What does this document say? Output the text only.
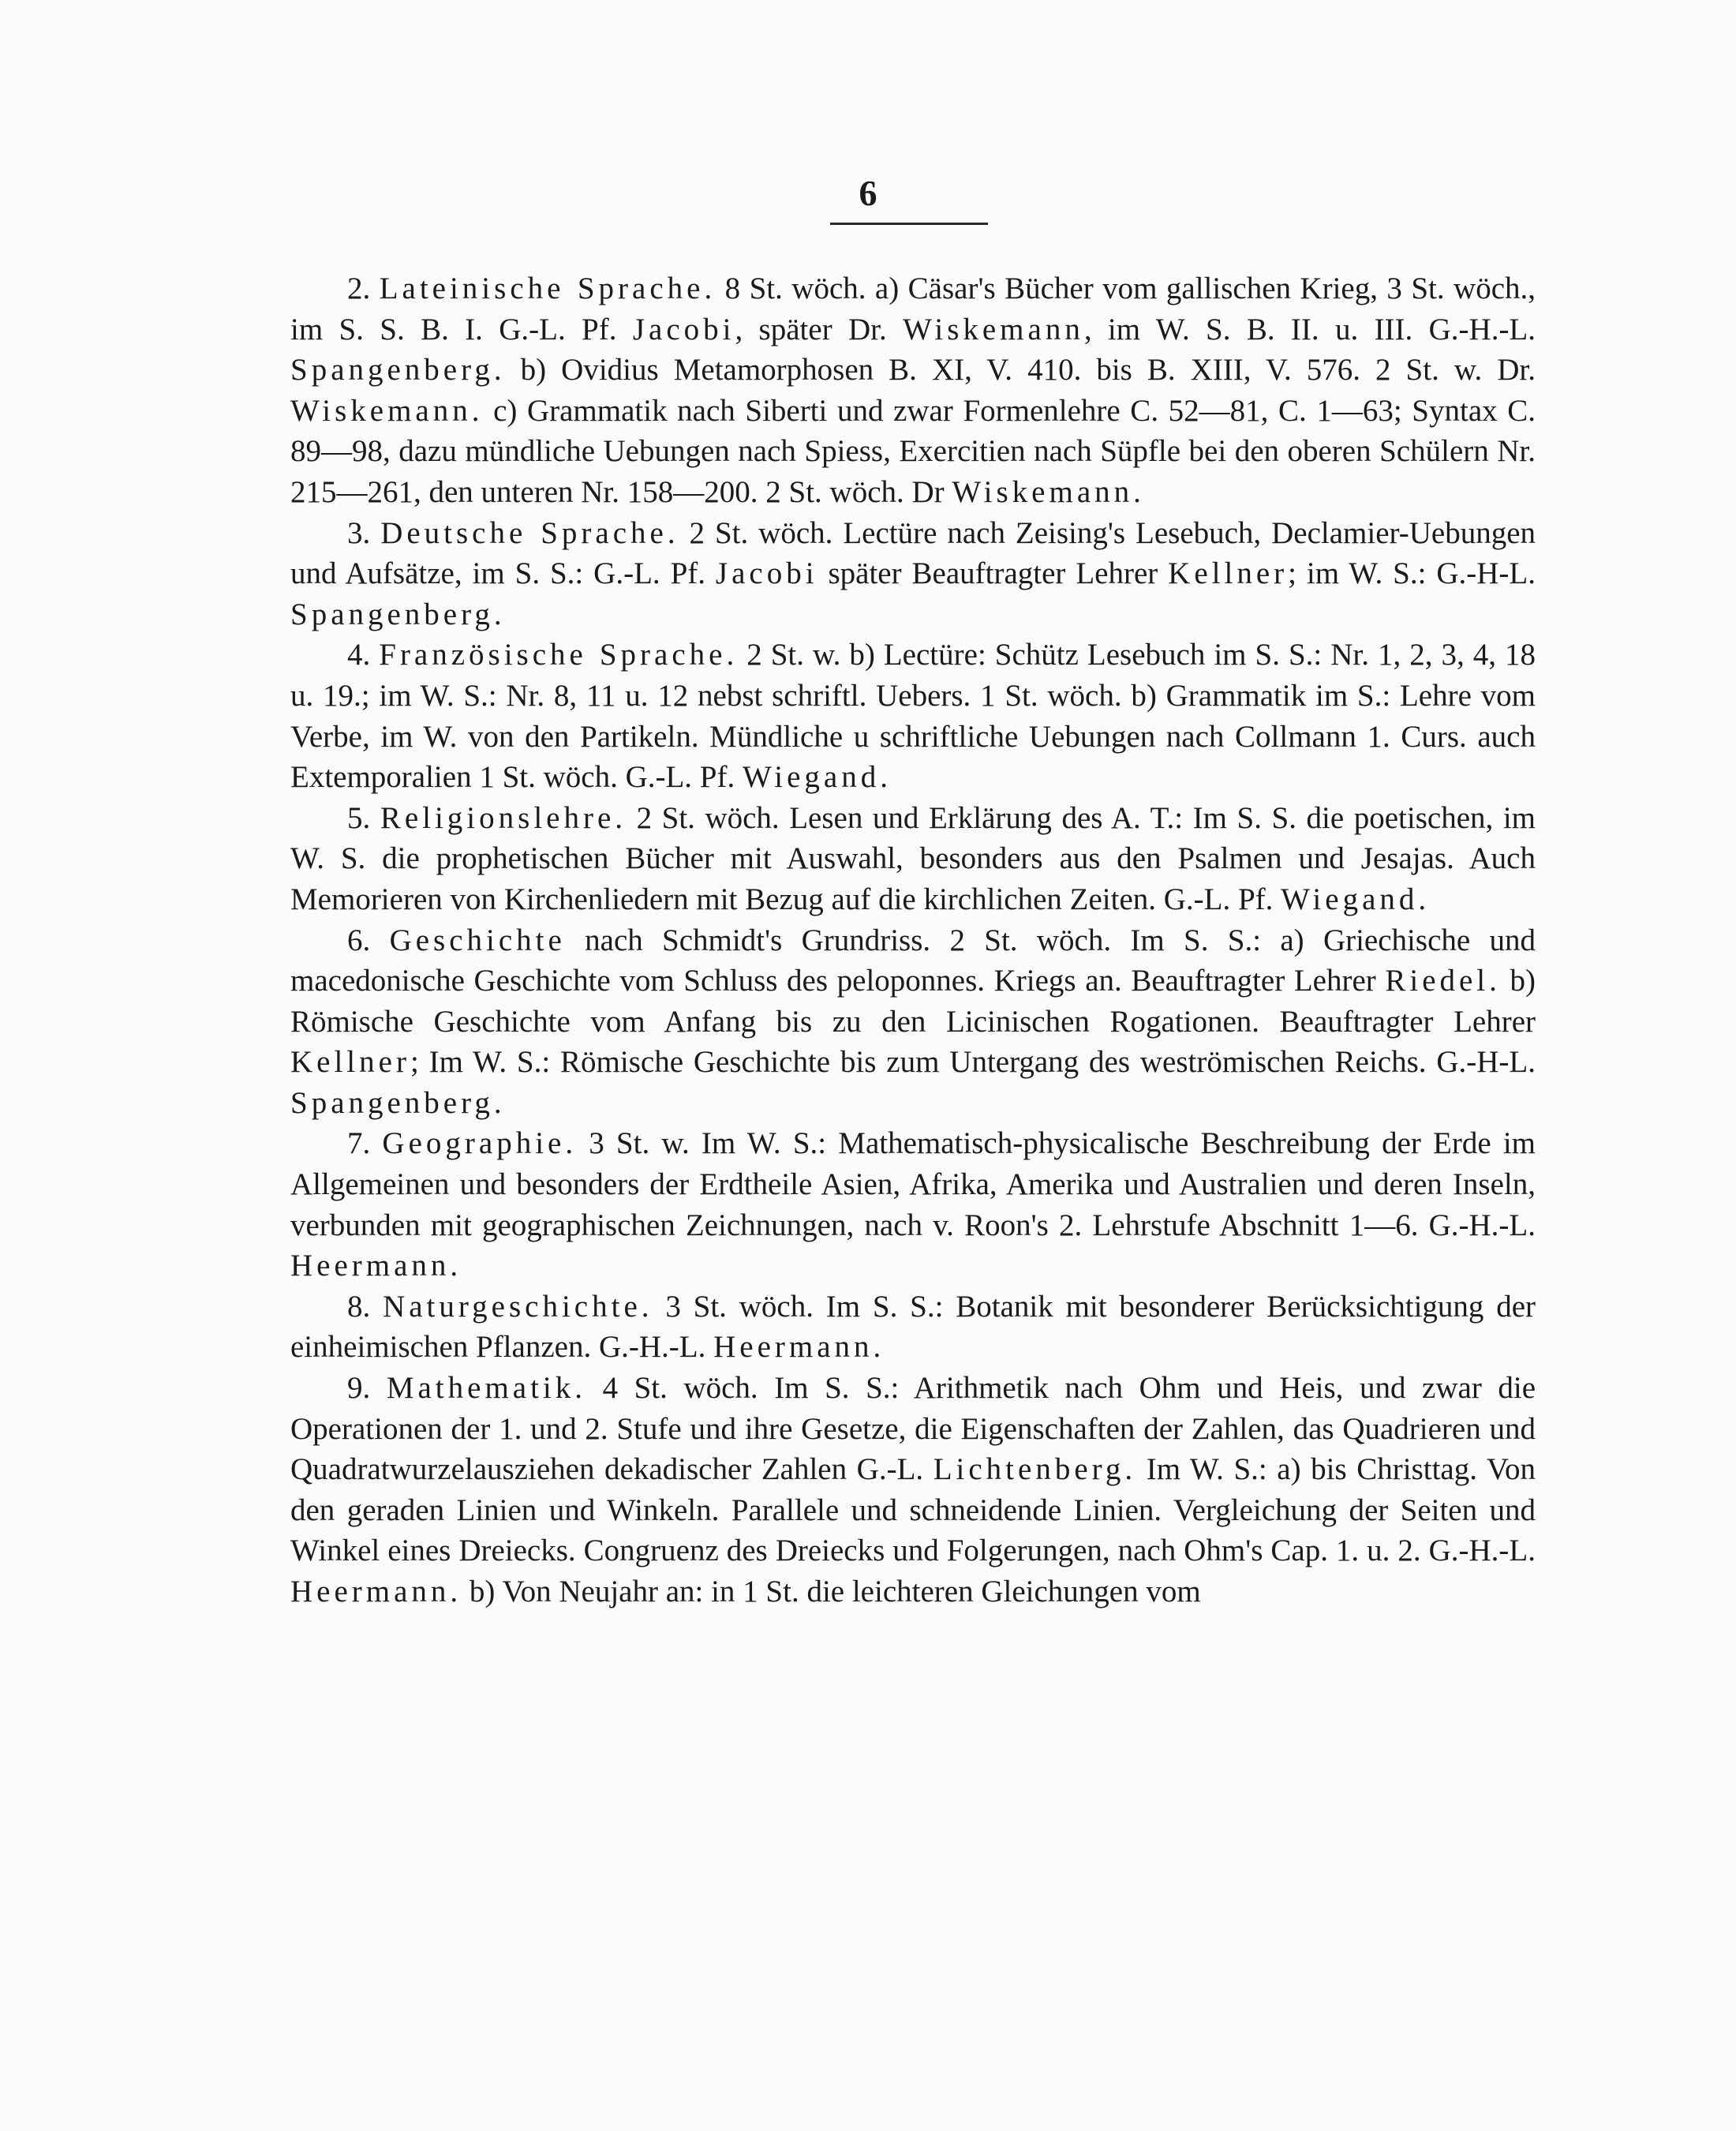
6

2. Lateinische Sprache. 8 St. wöch. a) Cäsar's Bücher vom gallischen Krieg, 3 St. wöch., im S. S. B. I. G.-L. Pf. Jacobi, später Dr. Wiskemann, im W. S. B. II. u. III. G.-H.-L. Spangenberg. b) Ovidius Metamorphosen B. XI, V. 410. bis B. XIII, V. 576. 2 St. w. Dr. Wiskemann. c) Grammatik nach Siberti und zwar Formenlehre C. 52—81, C. 1—63; Syntax C. 89—98, dazu mündliche Uebungen nach Spiess, Exercitien nach Süpfle bei den oberen Schülern Nr. 215—261, den unteren Nr. 158—200. 2 St. wöch. Dr Wiskemann.

3. Deutsche Sprache. 2 St. wöch. Lectüre nach Zeising's Lesebuch, Declamier-Uebungen und Aufsätze, im S. S.: G.-L. Pf. Jacobi später Beauftragter Lehrer Kellner; im W. S.: G.-H-L. Spangenberg.

4. Französische Sprache. 2 St. w. b) Lectüre: Schütz Lesebuch im S. S.: Nr. 1, 2, 3, 4, 18 u. 19.; im W. S.: Nr. 8, 11 u. 12 nebst schriftl. Uebers. 1 St. wöch. b) Grammatik im S.: Lehre vom Verbe, im W. von den Partikeln. Mündliche u schriftliche Uebungen nach Collmann 1. Curs. auch Extemporalien 1 St. wöch. G.-L. Pf. Wiegand.

5. Religionslehre. 2 St. wöch. Lesen und Erklärung des A. T.: Im S. S. die poetischen, im W. S. die prophetischen Bücher mit Auswahl, besonders aus den Psalmen und Jesajas. Auch Memorieren von Kirchenliedern mit Bezug auf die kirchlichen Zeiten. G.-L. Pf. Wiegand.

6. Geschichte nach Schmidt's Grundriss. 2 St. wöch. Im S. S.: a) Griechische und macedonische Geschichte vom Schluss des peloponnes. Kriegs an. Beauftragter Lehrer Riedel. b) Römische Geschichte vom Anfang bis zu den Licinischen Rogationen. Beauftragter Lehrer Kellner; Im W. S.: Römische Geschichte bis zum Untergang des weströmischen Reichs. G.-H-L. Spangenberg.

7. Geographie. 3 St. w. Im W. S.: Mathematisch-physicalische Beschreibung der Erde im Allgemeinen und besonders der Erdtheile Asien, Afrika, Amerika und Australien und deren Inseln, verbunden mit geographischen Zeichnungen, nach v. Roon's 2. Lehrstufe Abschnitt 1—6. G.-H.-L. Heermann.

8. Naturgeschichte. 3 St. wöch. Im S. S.: Botanik mit besonderer Berücksichtigung der einheimischen Pflanzen. G.-H.-L. Heermann.

9. Mathematik. 4 St. wöch. Im S. S.: Arithmetik nach Ohm und Heis, und zwar die Operationen der 1. und 2. Stufe und ihre Gesetze, die Eigenschaften der Zahlen, das Quadrieren und Quadratwurzelausziehen dekadischer Zahlen G.-L. Lichtenberg. Im W. S.: a) bis Christtag. Von den geraden Linien und Winkeln. Parallele und schneidende Linien. Vergleichung der Seiten und Winkel eines Dreiecks. Congruenz des Dreiecks und Folgerungen, nach Ohm's Cap. 1. u. 2. G.-H.-L. Heermann. b) Von Neujahr an: in 1 St. die leichteren Gleichungen vom
